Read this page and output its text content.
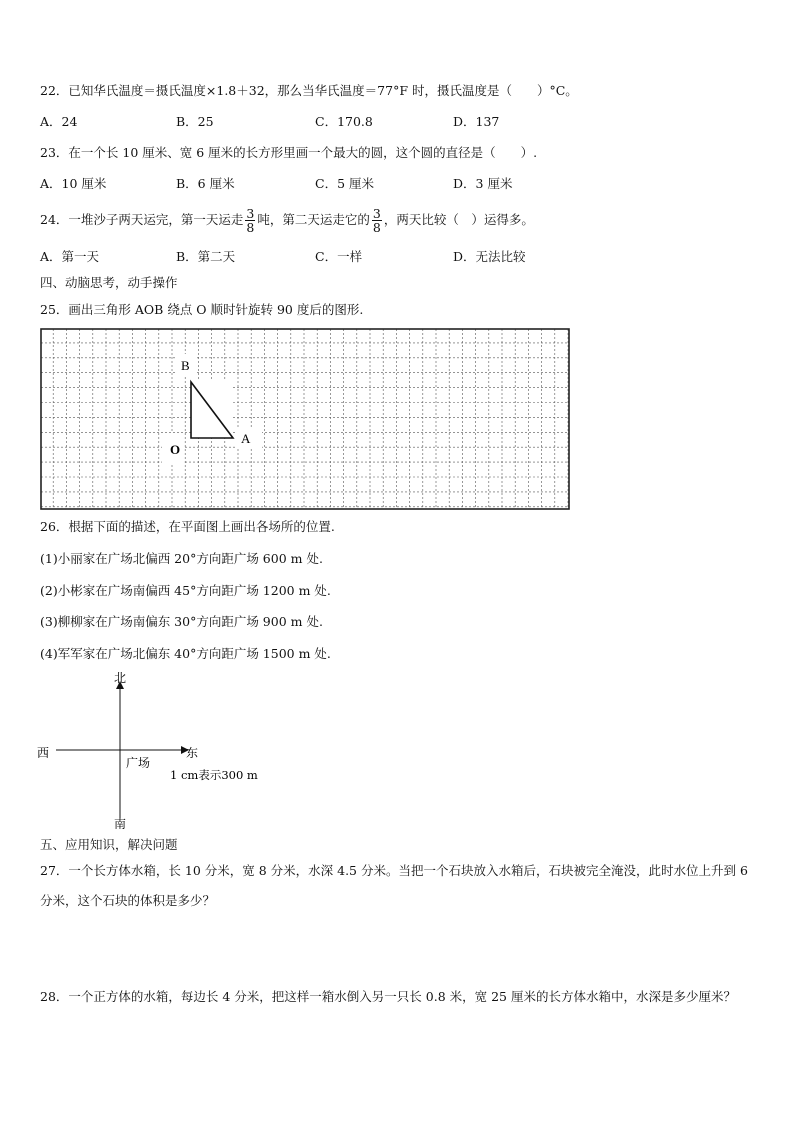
22．已知华氏温度＝摄氏温度×1.8＋32，那么当华氏温度＝77°F 时，摄氏温度是（　　）°C。
A．24	B．25	C．170.8	D．137
23．在一个长 10 厘米、宽 6 厘米的长方形里画一个最大的圆，这个圆的直径是（　　）.
A．10 厘米	B．6 厘米	C．5 厘米	D．3 厘米
24．一堆沙子两天运完，第一天运走 $\frac{3}{8}$ 吨，第二天运走它的 $\frac{3}{8}$ ，两天比较（　）运得多。
A．第一天	B．第二天	C．一样	D．无法比较
四、动脑思考，动手操作
25．画出三角形 AOB 绕点 O 顺时针旋转 90 度后的图形.
B
A
O
26．根据下面的描述，在平面图上画出各场所的位置.
(1)小丽家在广场北偏西 20°方向距广场 600 m 处.
(2)小彬家在广场南偏西 45°方向距广场 1200 m 处.
(3)柳柳家在广场南偏东 30°方向距广场 900 m 处.
(4)军军家在广场北偏东 40°方向距广场 1500 m 处.
北
南
西	东
广场
1 cm表示300 m
五、应用知识，解决问题
27．一个长方体水箱，长 10 分米，宽 8 分米，水深 4.5 分米。当把一个石块放入水箱后，石块被完全淹没，此时水位上升到 6 分米，这个石块的体积是多少？
28．一个正方体的水箱，每边长 4 分米，把这样一箱水倒入另一只长 0.8 米，宽 25 厘米的长方体水箱中，水深是多少厘米？
